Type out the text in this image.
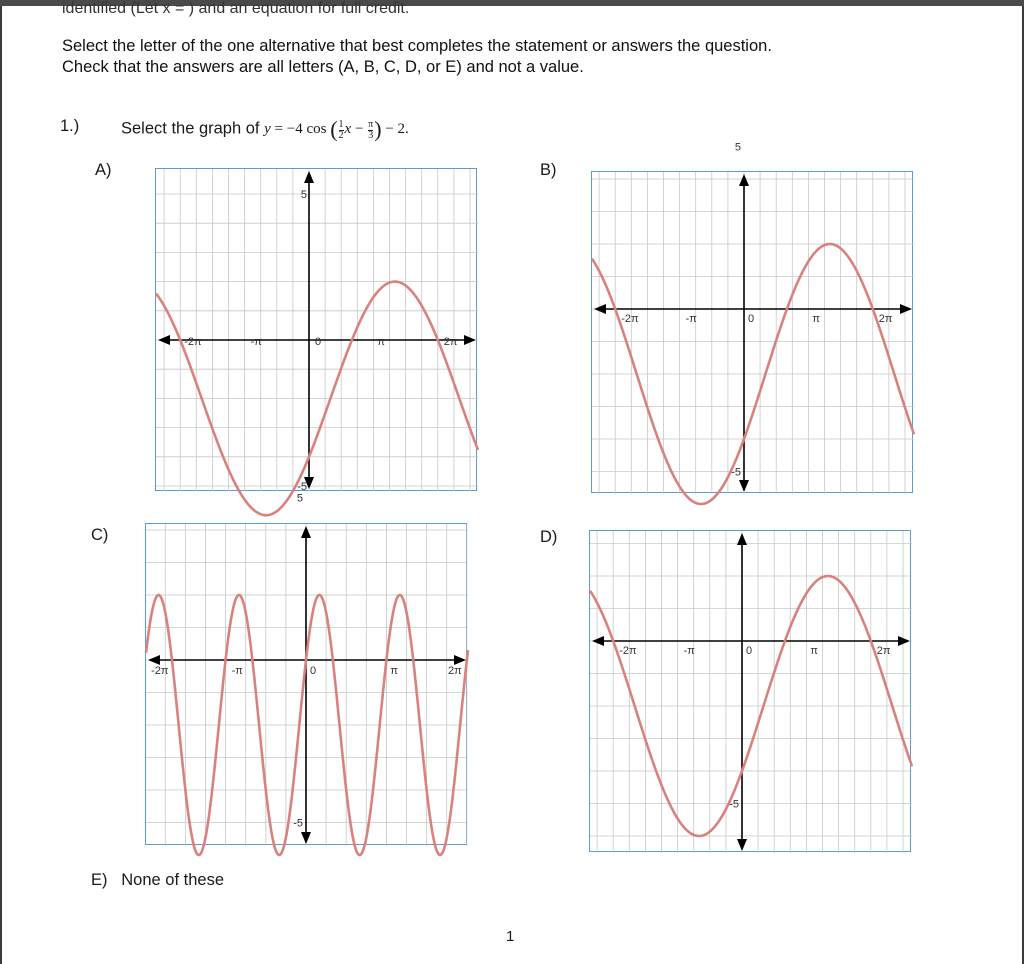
identified (Let x = ) and an equation for full credit.
Select the letter of the one alternative that best completes the statement or answers the question.
Check that the answers are all letters (A, B, C, D, or E) and not a value.
1.)	Select the graph of y = −4 cos ( $\frac{1}{2}$ $x - \frac{\pi}{3}$ ) − 2.
A)
-2π	-π	0	π	2π
5
-5
B)
-2π	-π	0	π	2π
5
-5
C)
-2π	-π	0	π	2π
5
-5
D)
-2π	-π	0	π	2π
-5
E) None of these
1
